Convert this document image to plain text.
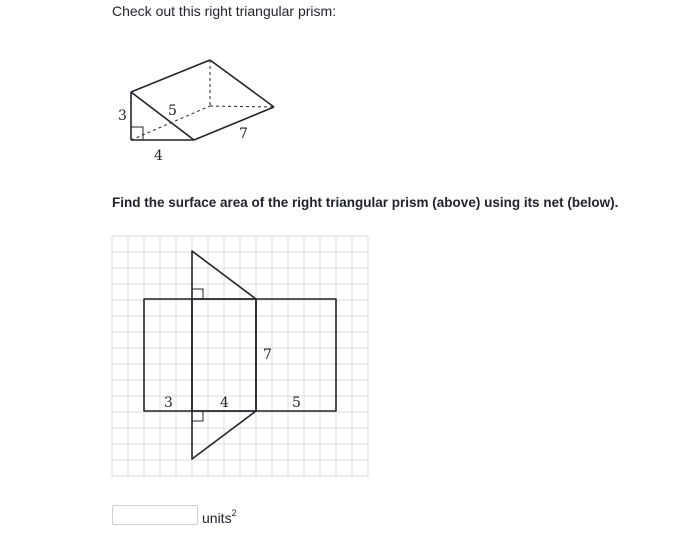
Check out this right triangular prism:
3	5
4
7
Find the surface area of the right triangular prism (above) using its net (below).
3	4	5
7
units$^2$
